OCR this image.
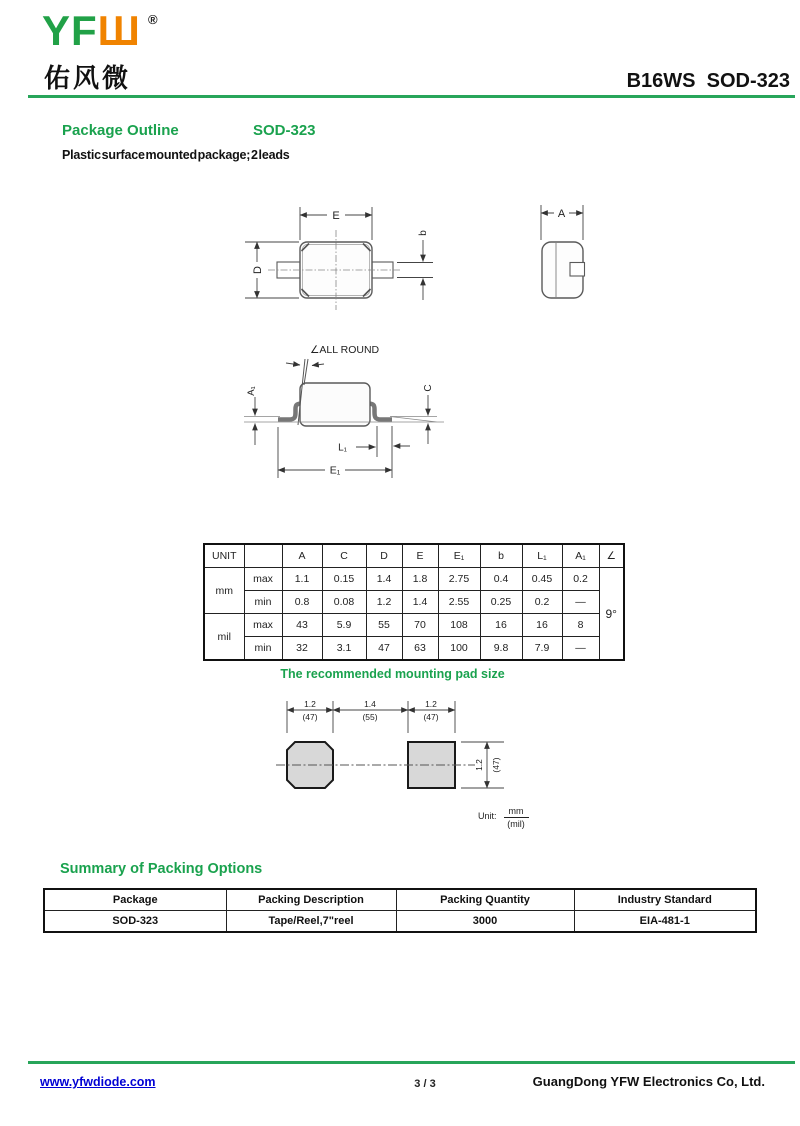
YFШ ®
佑风微	B16WS  SOD-323
Package Outline	SOD-323
Plastic surface mounted package; 2 leads
E
D
b
A
∠ALL ROUND
A₁	C
L₁
E₁
UNIT		A	C	D	E	E₁	b	L₁	A₁	∠
mm	max	1.1	0.15	1.4	1.8	2.75	0.4	0.45	0.2	9°
	min	0.8	0.08	1.2	1.4	2.55	0.25	0.2	—	
mil	max	43	5.9	55	70	108	16	16	8	
	min	32	3.1	47	63	100	9.8	7.9	—	
The recommended mounting pad size
1.2
(47)
1.4
(55)
1.2
(47)
1.2 (47)
Unit: mm
(mil)
Summary of Packing Options
Package	Packing Description	Packing Quantity	Industry Standard
SOD-323	Tape/Reel,7"reel	3000	EIA-481-1
www.yfwdiode.com	3 / 3	GuangDong YFW Electronics Co, Ltd.
